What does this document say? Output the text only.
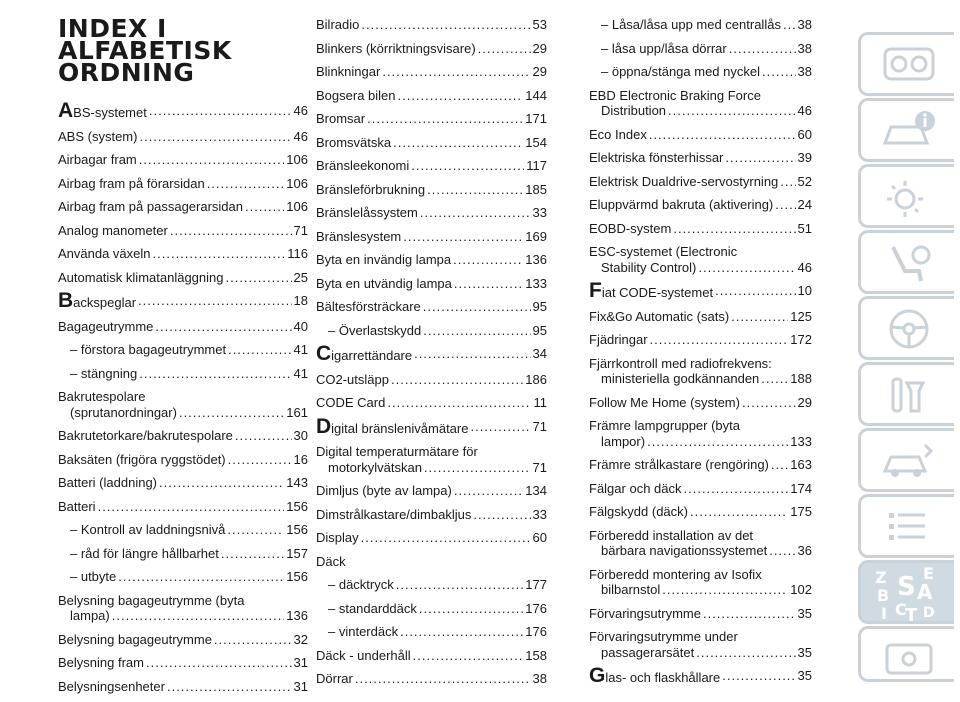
INDEX I
ALFABETISK
ORDNING
ABS-systemet .....	46
ABS (system) .....	46
Airbagar fram .....	106
Airbag fram på förarsidan .....	106
Airbag fram på passagerarsidan .....	106
Analog manometer .....	71
Använda växeln .....	116
Automatisk klimatanläggning .....	25
Backspeglar .....	18
Bagageutrymme .....	40
– förstora bagageutrymmet .....	41
– stängning .....	41
Bakrutespolare
(sprutanordningar) .....	161
Bakrutetorkare/bakrutespolare .....	30
Baksäten (frigöra ryggstödet) .....	16
Batteri (laddning) .....	143
Batteri .....	156
– Kontroll av laddningsnivå .....	156
– råd för längre hållbarhet .....	157
– utbyte .....	156
Belysning bagageutrymme (byta
lampa) .....	136
Belysning bagageutrymme .....	32
Belysning fram .....	31
Belysningsenheter .....	31
Bilradio .....	53
Blinkers (körriktningsvisare) .....	29
Blinkningar .....	29
Bogsera bilen .....	144
Bromsar .....	171
Bromsvätska .....	154
Bränsleekonomi .....	117
Bränsleförbrukning .....	185
Bränslelåssystem .....	33
Bränslesystem .....	169
Byta en invändig lampa .....	136
Byta en utvändig lampa .....	133
Bältesförsträckare .....	95
– Överlastskydd .....	95
Cigarrettändare .....	34
CO2-utsläpp .....	186
CODE Card .....	11
Digital bränslenivåmätare .....	71
Digital temperaturmätare för
motorkylvätskan .....	71
Dimljus (byte av lampa) .....	134
Dimstrålkastare/dimbakljus .....	33
Display .....	60
Däck
– däcktryck .....	177
– standarddäck .....	176
– vinterdäck .....	176
Däck - underhåll .....	158
Dörrar .....	38
– Låsa/låsa upp med centrallås ..... 38
– låsa upp/låsa dörrar .....	38
– öppna/stänga med nyckel .....	38
EBD Electronic Braking Force
Distribution .....	46
Eco Index .....	60
Elektriska fönsterhissar .....	39
Elektrisk Dualdrive-servostyrning ..... 52
Eluppvärmd bakruta (aktivering) ..... 24
EOBD-system .....	51
ESC-systemet (Electronic
Stability Control) .....	46
Fiat CODE-systemet .....	10
Fix&Go Automatic (sats) .....	125
Fjädringar .....	172
Fjärrkontroll med radiofrekvens:
ministeriella godkännanden ..... 188
Follow Me Home (system) .....	29
Främre lampgrupper (byta
lampor) .....	133
Främre strålkastare (rengöring) ..... 163
Fälgar och däck .....	174
Fälgskydd (däck) .....	175
Förberedd installation av det
bärbara navigationssystemet ..... 36
Förberedd montering av Isofix
bilbarnstol .....	102
Förvaringsutrymme .....	35
Förvaringsutrymme under
passagerarsätet .....	35
Glas- och flaskhållare .....	35
Z E
B S A
I C
T D
